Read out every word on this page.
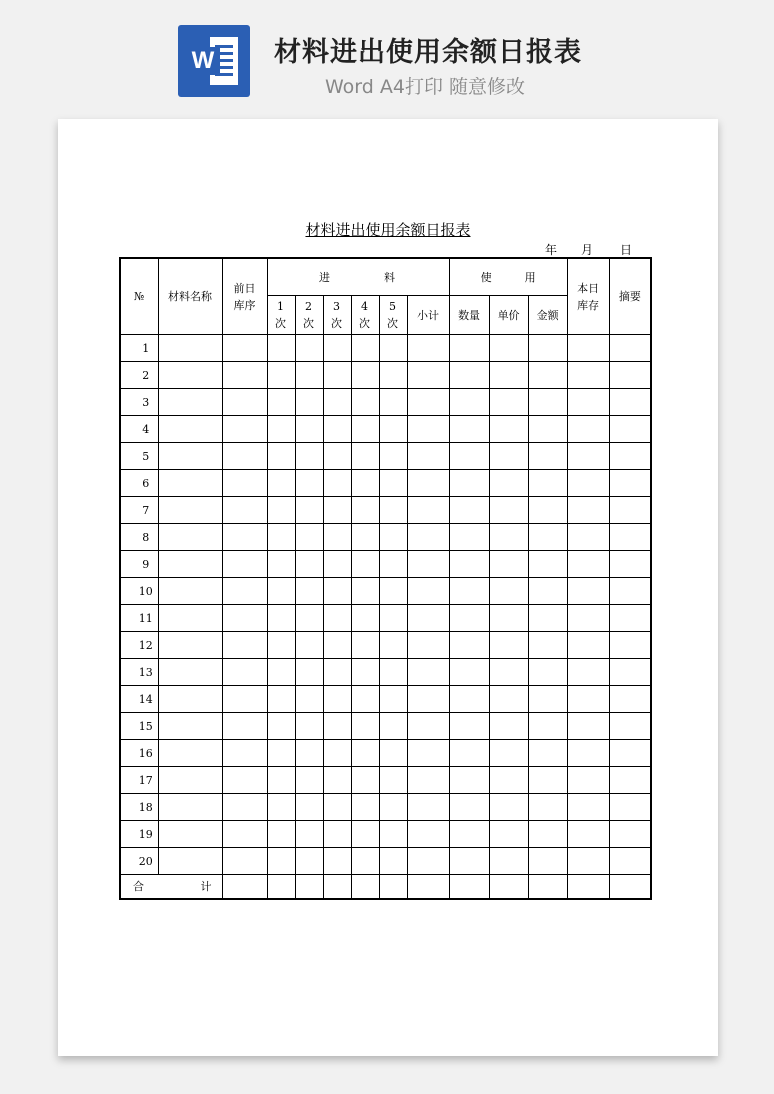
W 材料进出使用余额日报表
Word A4打印 随意修改
材料进出使用余额日报表
年 月 日
№	材料名称	前日库序	进　　　　料						使　　　用			本日库存	摘要
			1次	2次	3次	4次	5次	小计	数量	单价	金额		
1													
2													
3													
4													
5													
6													
7													
8													
9													
10													
11													
12													
13													
14													
15													
16													
17													
18													
19													
20													

合 计													
